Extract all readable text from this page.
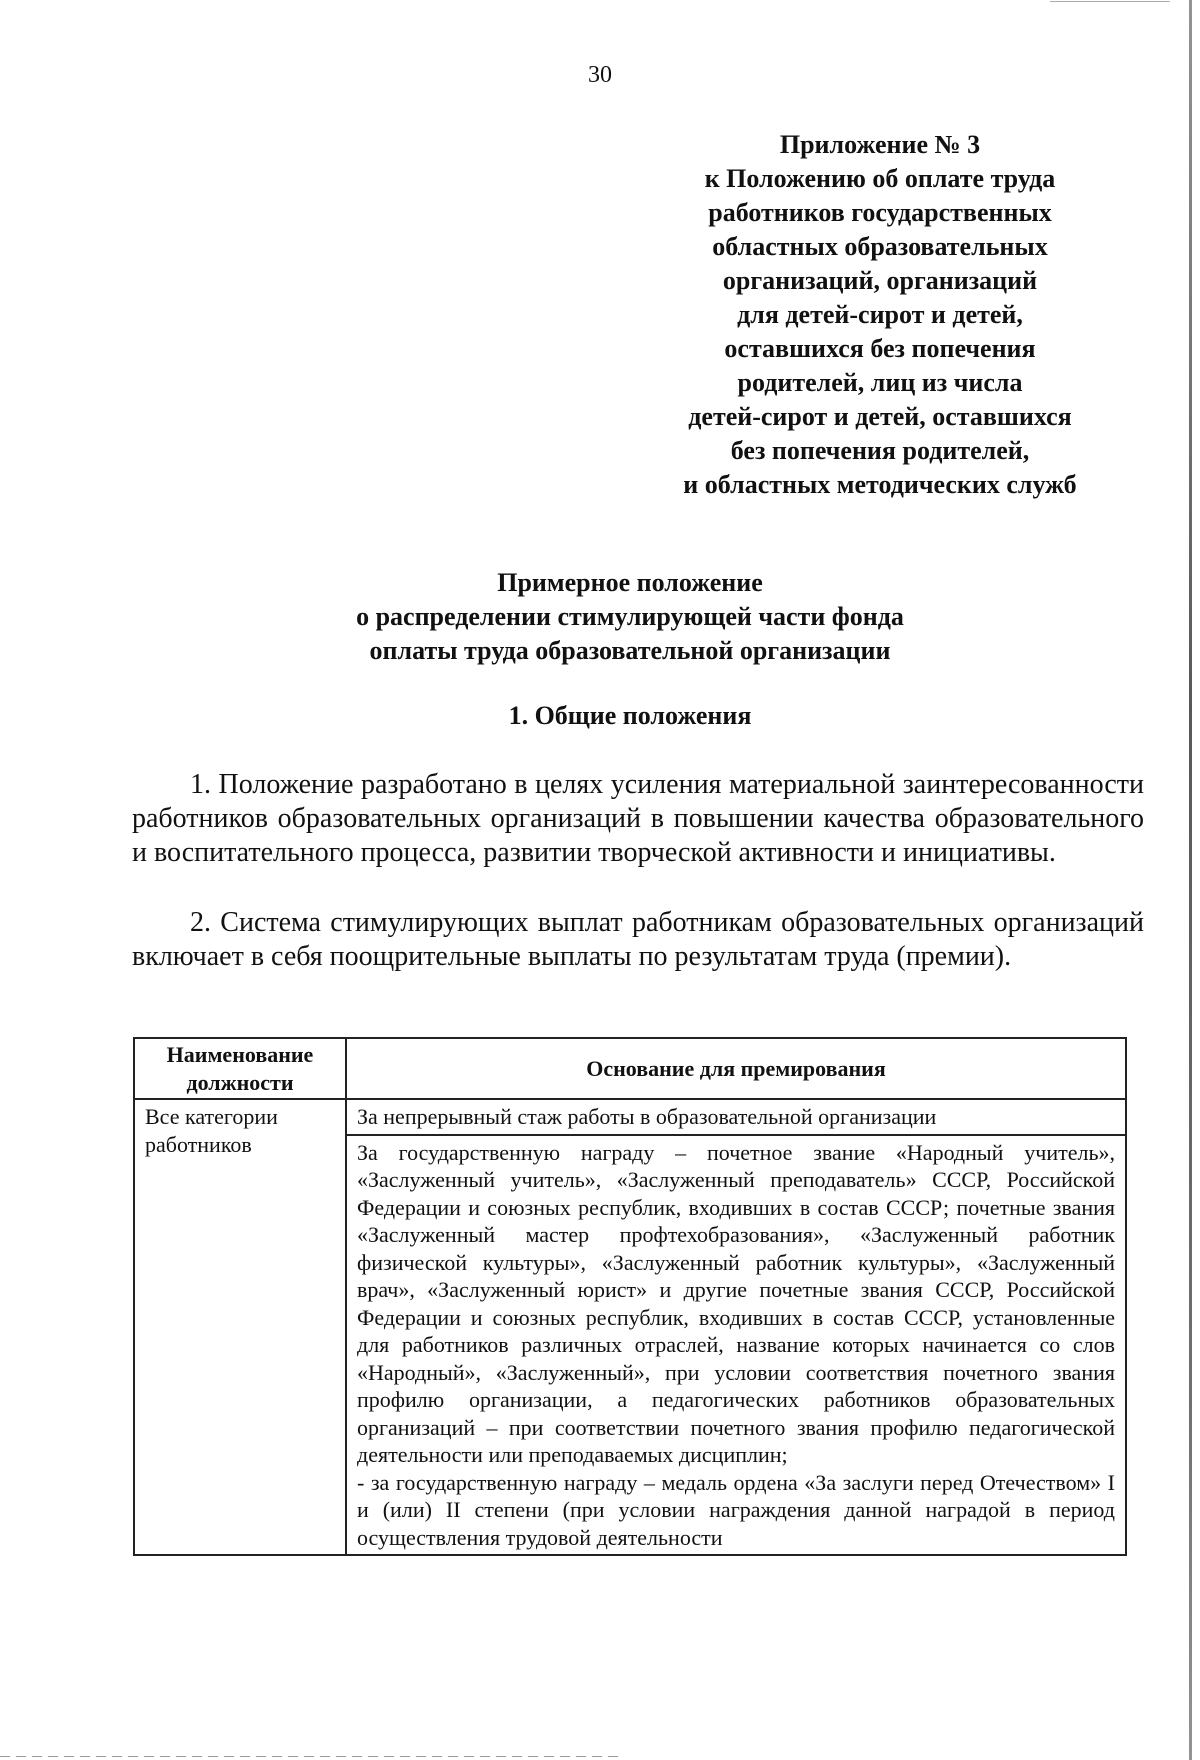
30
Приложение № 3
к Положению об оплате труда
работников государственных
областных образовательных
организаций, организаций
для детей-сирот и детей,
оставшихся без попечения
родителей, лиц из числа
детей-сирот и детей, оставшихся
без попечения родителей,
и областных методических служб
Примерное положение
о распределении стимулирующей части фонда
оплаты труда образовательной организации
1. Общие положения

1. Положение разработано в целях усиления материальной заинтересованности работников образовательных организаций в повышении качества образовательного и воспитательного процесса, развитии творческой активности и инициативы.

2. Система стимулирующих выплат работникам образовательных организаций включает в себя поощрительные выплаты по результатам труда (премии).

Наименование должности	Основание для премирования
Все категории работников	За непрерывный стаж работы в образовательной организации

	За государственную награду – почетное звание «Народный учитель», «Заслуженный учитель», «Заслуженный преподаватель» СССР, Российской Федерации и союзных республик, входивших в состав СССР; почетные звания «Заслуженный мастер профтехобразования», «Заслуженный работник физической культуры», «Заслуженный работник культуры», «Заслуженный врач», «Заслуженный юрист» и другие почетные звания СССР, Российской Федерации и союзных республик, входивших в состав СССР, установленные для работников различных отраслей, название которых начинается со слов «Народный», «Заслуженный», при условии соответствия почетного звания профилю организации, а педагогических работников образовательных организаций – при соответствии почетного звания профилю педагогической деятельности или преподаваемых дисциплин;
- за государственную награду – медаль ордена «За заслуги перед Отечеством» I и (или) II степени (при условии награждения данной наградой в период осуществления трудовой деятельности
